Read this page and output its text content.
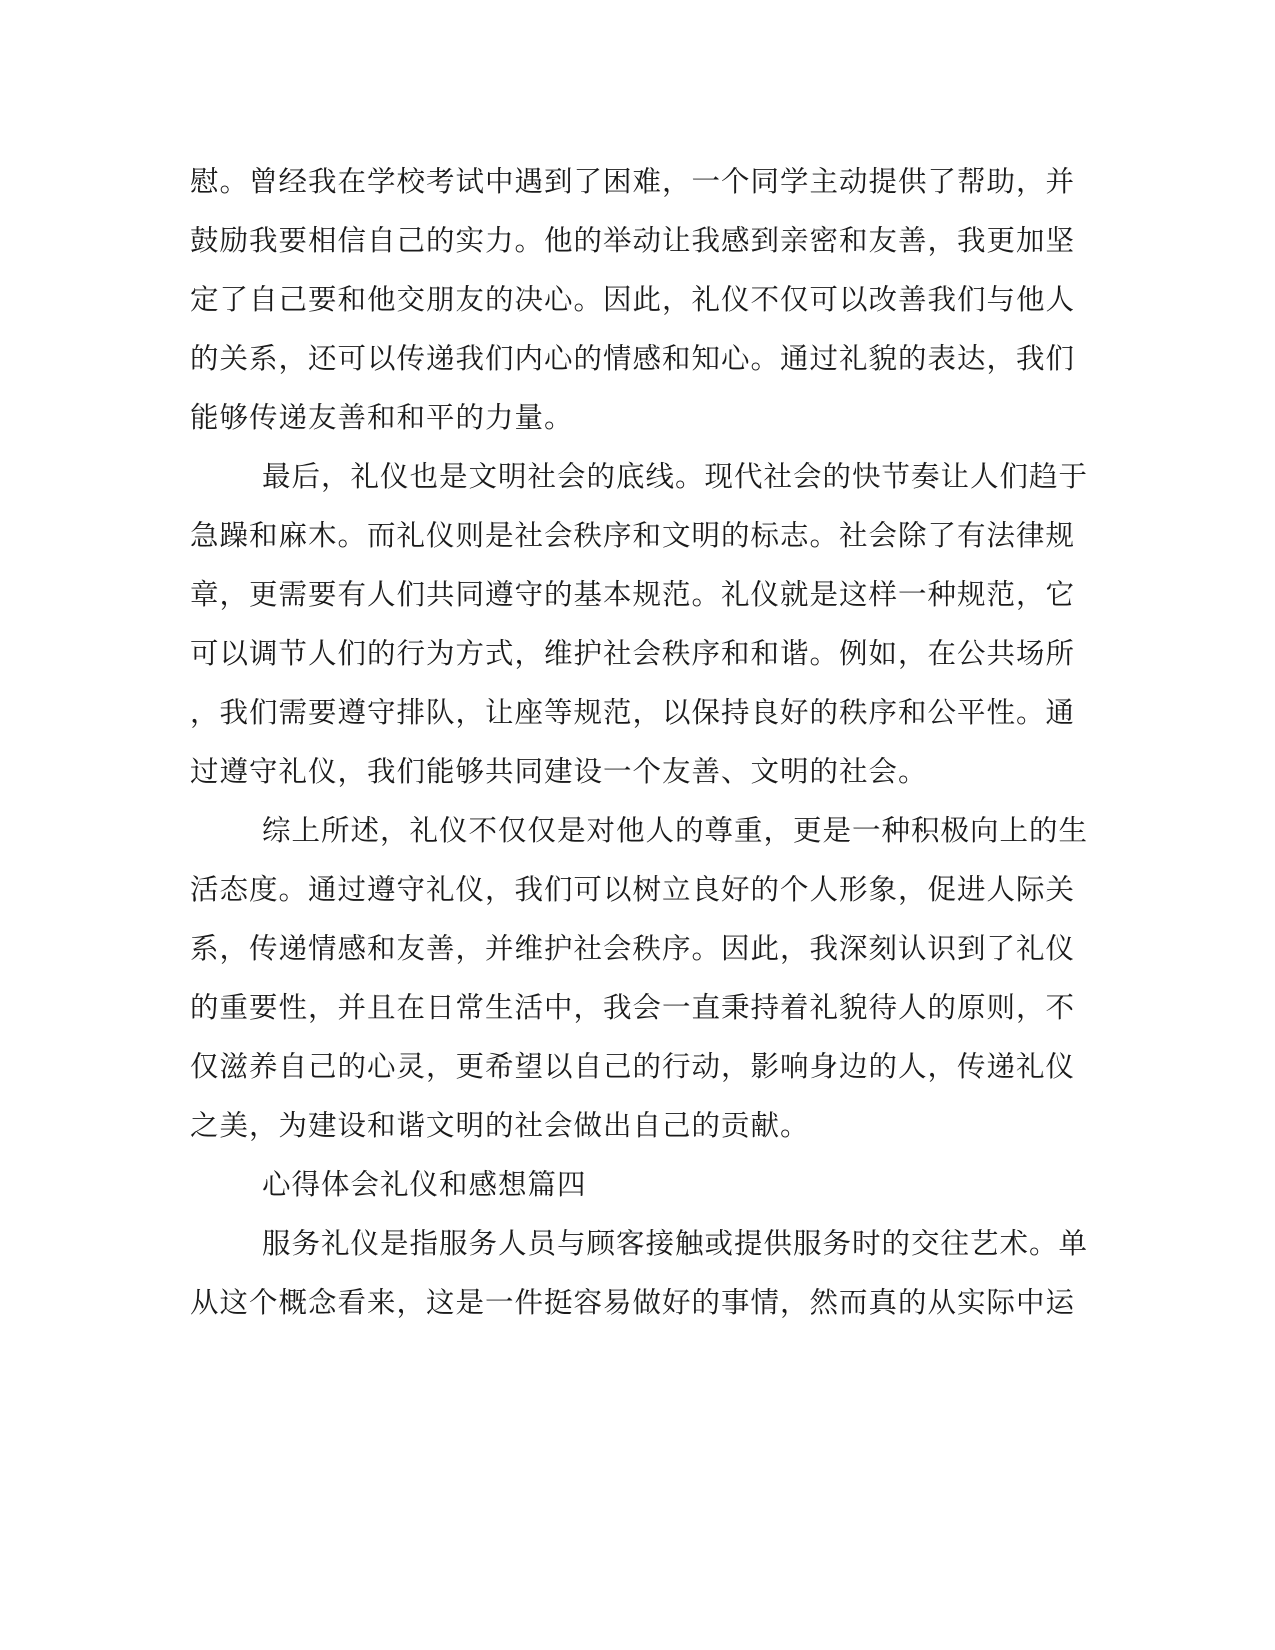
慰。曾经我在学校考试中遇到了困难，一个同学主动提供了帮助，并
鼓励我要相信自己的实力。他的举动让我感到亲密和友善，我更加坚
定了自己要和他交朋友的决心。因此，礼仪不仅可以改善我们与他人
的关系，还可以传递我们内心的情感和知心。通过礼貌的表达，我们
能够传递友善和和平的力量。
最后，礼仪也是文明社会的底线。现代社会的快节奏让人们趋于
急躁和麻木。而礼仪则是社会秩序和文明的标志。社会除了有法律规
章，更需要有人们共同遵守的基本规范。礼仪就是这样一种规范，它
可以调节人们的行为方式，维护社会秩序和和谐。例如，在公共场所
，我们需要遵守排队，让座等规范，以保持良好的秩序和公平性。通
过遵守礼仪，我们能够共同建设一个友善、文明的社会。
综上所述，礼仪不仅仅是对他人的尊重，更是一种积极向上的生
活态度。通过遵守礼仪，我们可以树立良好的个人形象，促进人际关
系，传递情感和友善，并维护社会秩序。因此，我深刻认识到了礼仪
的重要性，并且在日常生活中，我会一直秉持着礼貌待人的原则，不
仅滋养自己的心灵，更希望以自己的行动，影响身边的人，传递礼仪
之美，为建设和谐文明的社会做出自己的贡献。
心得体会礼仪和感想篇四
服务礼仪是指服务人员与顾客接触或提供服务时的交往艺术。单
从这个概念看来，这是一件挺容易做好的事情，然而真的从实际中运
